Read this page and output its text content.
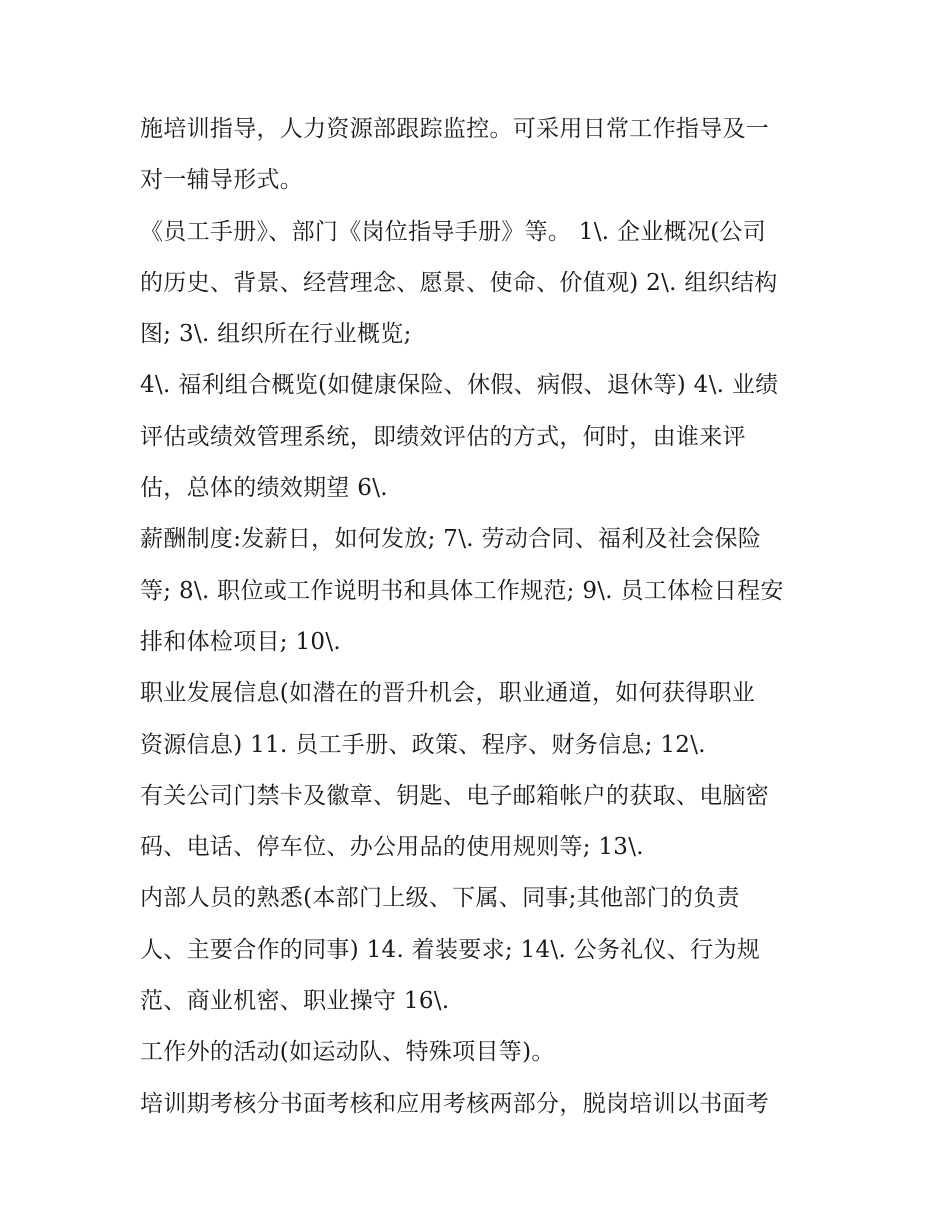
施培训指导，人力资源部跟踪监控。可采用日常工作指导及一
对一辅导形式。
《员工手册》、部门《岗位指导手册》等。 1\. 企业概况(公司
的历史、背景、经营理念、愿景、使命、价值观) 2\. 组织结构
图; 3\. 组织所在行业概览;
4\. 福利组合概览(如健康保险、休假、病假、退休等) 4\. 业绩
评估或绩效管理系统，即绩效评估的方式，何时，由谁来评
估，总体的绩效期望 6\.
薪酬制度:发薪日，如何发放; 7\. 劳动合同、福利及社会保险
等; 8\. 职位或工作说明书和具体工作规范; 9\. 员工体检日程安
排和体检项目; 10\.
职业发展信息(如潜在的晋升机会，职业通道，如何获得职业
资源信息) 11. 员工手册、政策、程序、财务信息; 12\.
有关公司门禁卡及徽章、钥匙、电子邮箱帐户的获取、电脑密
码、电话、停车位、办公用品的使用规则等; 13\.
内部人员的熟悉(本部门上级、下属、同事;其他部门的负责
人、主要合作的同事) 14. 着装要求; 14\. 公务礼仪、行为规
范、商业机密、职业操守 16\.
工作外的活动(如运动队、特殊项目等)。
培训期考核分书面考核和应用考核两部分，脱岗培训以书面考
